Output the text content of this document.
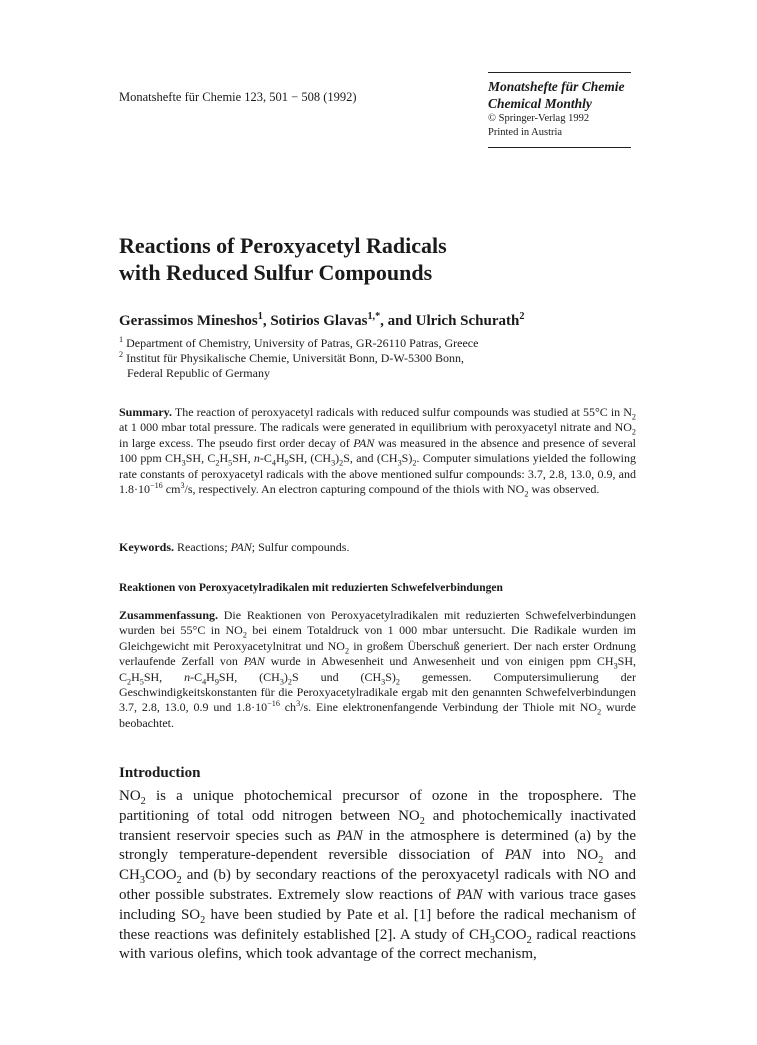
Monatshefte für Chemie 123, 501 − 508 (1992)
Monatshefte für Chemie
Chemical Monthly
© Springer-Verlag 1992
Printed in Austria
Reactions of Peroxyacetyl Radicals
with Reduced Sulfur Compounds
Gerassimos Mineshos$^1$, Sotirios Glavas$^{1,*}$, and Ulrich Schurath$^2$
$^1$ Department of Chemistry, University of Patras, GR-26110 Patras, Greece
$^2$ Institut für Physikalische Chemie, Universität Bonn, D-W-5300 Bonn,
Federal Republic of Germany
Summary. The reaction of peroxyacetyl radicals with reduced sulfur compounds was studied at 55°C in $N_2$ at 1 000 mbar total pressure. The radicals were generated in equilibrium with peroxyacetyl nitrate and $NO_2$ in large excess. The pseudo first order decay of PAN was measured in the absence and presence of several 100 ppm $CH_3SH$, $C_2H_5SH$, $n-C_4H_9SH$, $(CH_3)_2S$, and $(CH_3S)_2$. Computer simulations yielded the following rate constants of peroxyacetyl radicals with the above mentioned sulfur compounds: 3.7, 2.8, 13.0, 0.9, and $1.8\cdot 10^{-16}$ $cm^3/s$, respectively. An electron capturing compound of the thiols with $NO_2$ was observed.
Keywords. Reactions; PAN; Sulfur compounds.
Reaktionen von Peroxyacetylradikalen mit reduzierten Schwefelverbindungen
Zusammenfassung. Die Reaktionen von Peroxyacetylradikalen mit reduzierten Schwefelverbindungen wurden bei 55°C in $NO_2$ bei einem Totaldruck von 1 000 mbar untersucht. Die Radikale wurden im Gleichgewicht mit Peroxyacetylnitrat und $NO_2$ in großem Überschuß generiert. Der nach erster Ordnung verlaufende Zerfall von PAN wurde in Abwesenheit und Anwesenheit und von einigen ppm $CH_3SH$, $C_2H_5SH$, $n-C_4H_9SH$, $(CH_3)_2S$ und $(CH_3S)_2$ gemessen. Computersimulierung der Geschwindigkeitskonstanten für die Peroxyacetylradikale ergab mit den genannten Schwefelverbindungen 3.7, 2.8, 13.0, 0.9 und $1.8\cdot 10^{-16}$ $ch^3/s$. Eine elektronenfangende Verbindung der Thiole mit $NO_2$ wurde beobachtet.
Introduction
$NO_2$ is a unique photochemical precursor of ozone in the troposphere. The partitioning of total odd nitrogen between $NO_2$ and photochemically inactivated transient reservoir species such as PAN in the atmosphere is determined (a) by the strongly temperature-dependent reversible dissociation of PAN into $NO_2$ and $CH_3COO_2$ and (b) by secondary reactions of the peroxyacetyl radicals with NO and other possible substrates. Extremely slow reactions of PAN with various trace gases including $SO_2$ have been studied by Pate et al. [1] before the radical mechanism of these reactions was definitely established [2]. A study of $CH_3COO_2$ radical reactions with various olefins, which took advantage of the correct mechanism,
